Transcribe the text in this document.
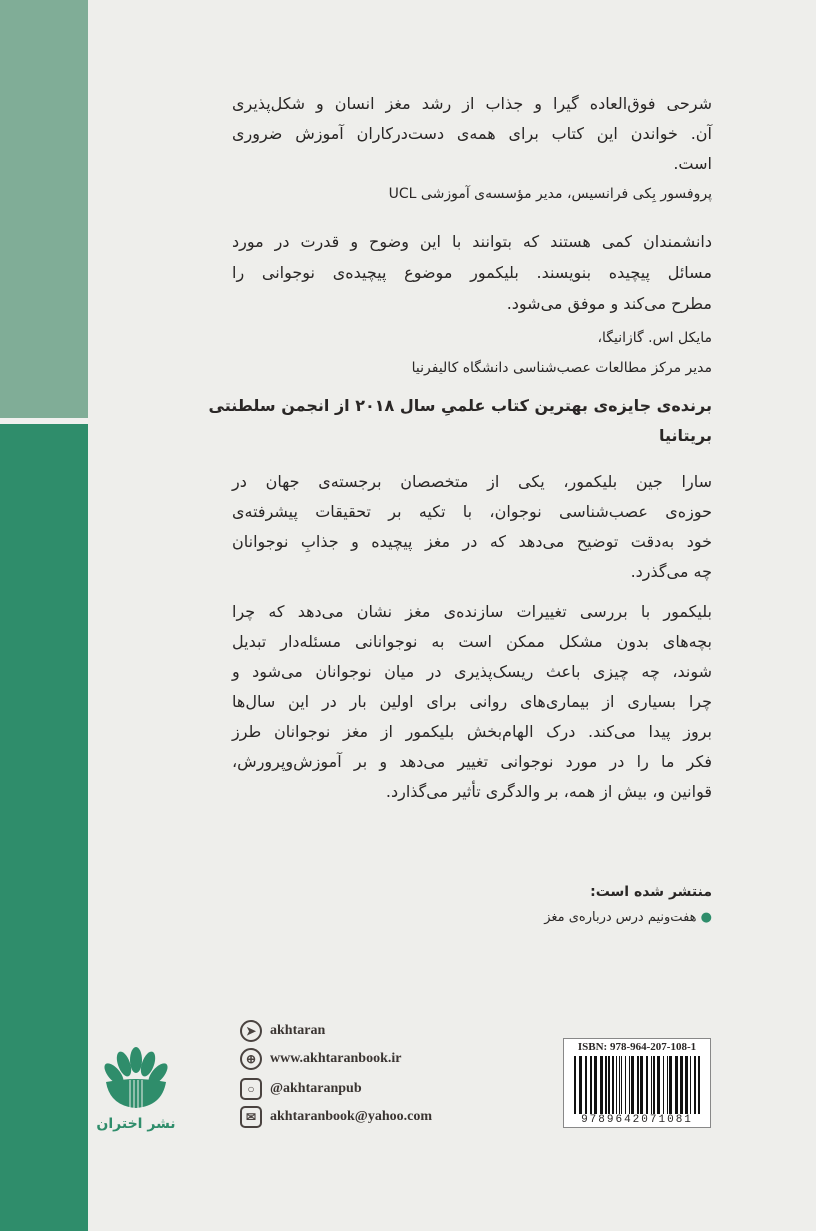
شرحی فوق‌العاده گیرا و جذاب از رشد مغز انسان و شکل‌پذیری
آن. خواندن این کتاب برای همه‌ی دست‌درکاران آموزش ضروری
است.
پروفسور بِکی فرانسیس، مدیر مؤسسه‌ی آموزشی UCL
دانشمندان کمی هستند که بتوانند با این وضوح و قدرت در مورد
مسائل پیچیده بنویسند. بلیکمور موضوع پیچیده‌ی نوجوانی را
مطرح می‌کند و موفق می‌شود.
مایکل اس. گازانیگا،
مدیر مرکز مطالعات عصب‌شناسی دانشگاه کالیفرنیا
برنده‌ی جایزه‌ی بهترین کتاب علمیِ سال ۲۰۱۸ از انجمن سلطنتی
بریتانیا
سارا جین بلیکمور، یکی از متخصصان برجسته‌ی جهان در
حوزه‌ی عصب‌شناسی نوجوان، با تکیه بر تحقیقات پیشرفته‌ی
خود به‌دقت توضیح می‌دهد که در مغز پیچیده و جذابِ نوجوانان
چه می‌گذرد.
بلیکمور با بررسی تغییرات سازنده‌ی مغز نشان می‌دهد که چرا
بچه‌های بدون مشکل ممکن است به نوجوانانی مسئله‌دار تبدیل
شوند، چه چیزی باعث ریسک‌پذیری در میان نوجوانان می‌شود و
چرا بسیاری از بیماری‌های روانی برای اولین بار در این سال‌ها
بروز پیدا می‌کند. درک الهام‌بخش بلیکمور از مغز نوجوانان طرز
فکر ما را در مورد نوجوانی تغییر می‌دهد و بر آموزش‌وپرورش،
قوانین و، بیش از همه، بر والدگری تأثیر می‌گذارد.
منتشر شده است:
● هفت‌ونیم درس درباره‌ی مغز
نشر اختران
➤ akhtaran
⊕ www.akhtaranbook.ir
○	@akhtaranpub
✉ akhtaranbook@yahoo.com
ISBN: 978-964-207-108-1
9789642071081
